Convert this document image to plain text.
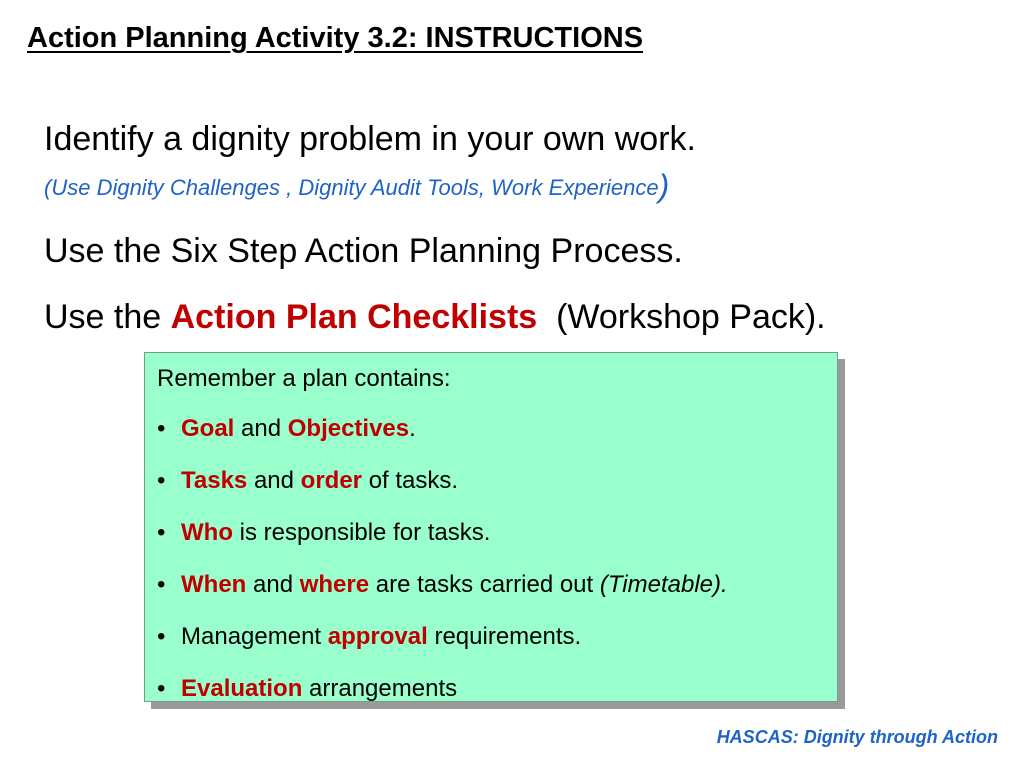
Action Planning Activity 3.2: INSTRUCTIONS
Identify a dignity problem in your own work.
(Use Dignity Challenges , Dignity Audit Tools, Work Experience)
Use the Six Step Action Planning Process.
Use the Action Plan Checklists  (Workshop Pack).
Remember a plan contains:
• Goal and Objectives.
• Tasks and order of tasks.
• Who is responsible for tasks.
• When and where are tasks carried out (Timetable).
• Management approval requirements.
• Evaluation arrangements
HASCAS: Dignity through Action
